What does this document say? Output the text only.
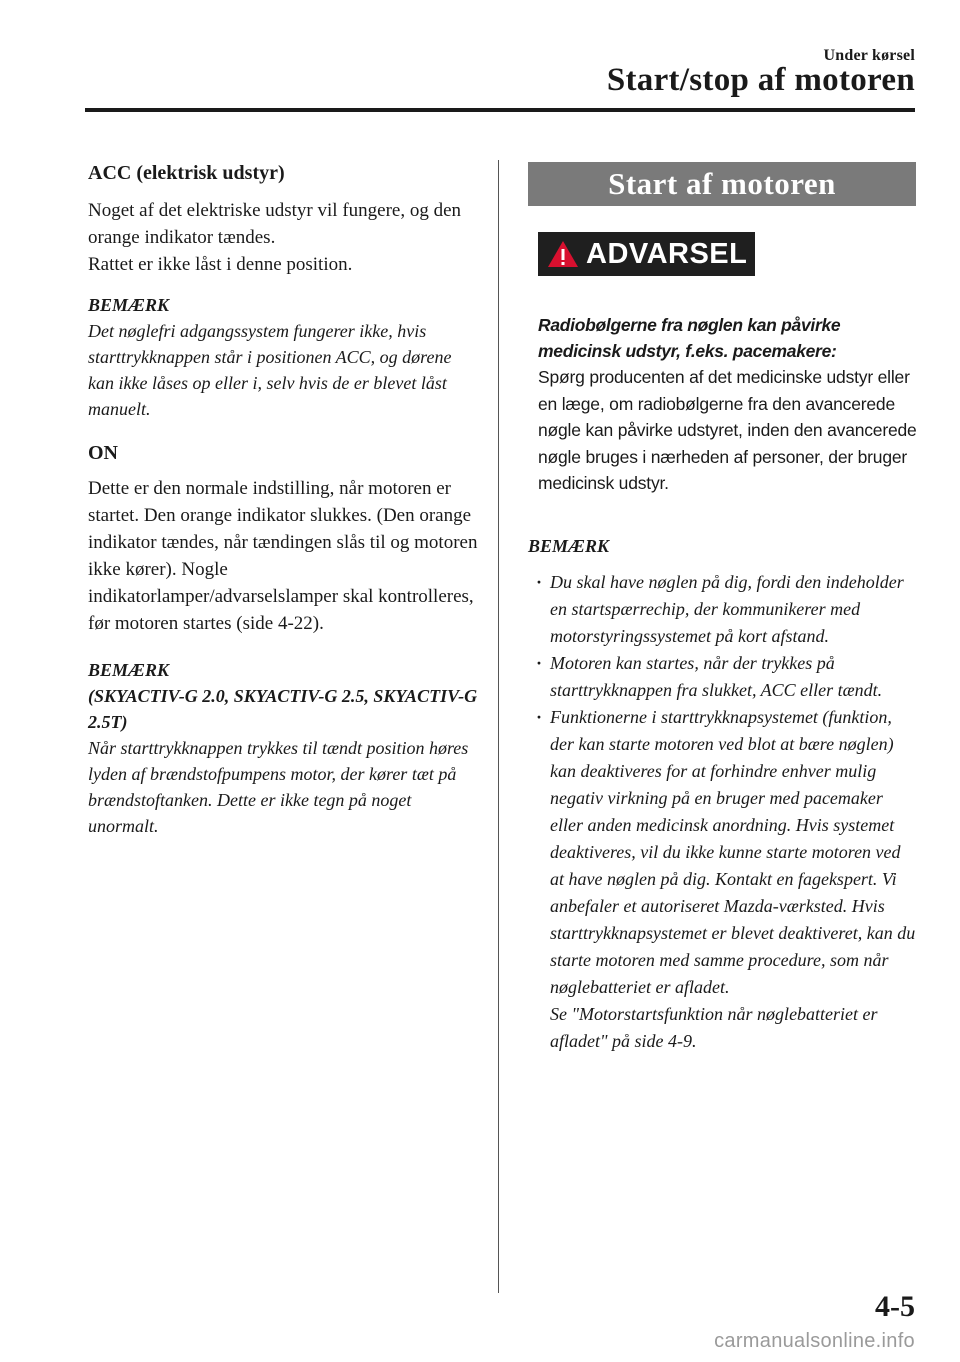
Under kørsel
Start/stop af motoren
ACC (elektrisk udstyr)

Noget af det elektriske udstyr vil fungere, og den orange indikator tændes.

Rattet er ikke låst i denne position.

BEMÆRK

Det nøglefri adgangssystem fungerer ikke, hvis starttrykknappen står i positionen ACC, og dørene kan ikke låses op eller i, selv hvis de er blevet låst manuelt.

ON

Dette er den normale indstilling, når motoren er startet. Den orange indikator slukkes. (Den orange indikator tændes, når tændingen slås til og motoren ikke kører). Nogle indikatorlamper/advarselslamper skal kontrolleres, før motoren startes (side 4-22).

BEMÆRK
(SKYACTIV-G 2.0, SKYACTIV-G 2.5, SKYACTIV-G 2.5T)

Når starttrykknappen trykkes til tændt position høres lyden af brændstofpumpens motor, der kører tæt på brændstoftanken. Dette er ikke tegn på noget unormalt.

Start af motoren
ADVARSEL
Radiobølgerne fra nøglen kan påvirke medicinsk udstyr, f.eks. pacemakere:

Spørg producenten af det medicinske udstyr eller en læge, om radiobølgerne fra den avancerede nøgle kan påvirke udstyret, inden den avancerede nøgle bruges i nærheden af personer, der bruger medicinsk udstyr.

BEMÆRK
· Du skal have nøglen på dig, fordi den indeholder en startspærrechip, der kommunikerer med motorstyringssystemet på kort afstand.
· Motoren kan startes, når der trykkes på starttrykknappen fra slukket, ACC eller tændt.
· Funktionerne i starttrykknapsystemet (funktion, der kan starte motoren ved blot at bære nøglen) kan deaktiveres for at forhindre enhver mulig negativ virkning på en bruger med pacemaker eller anden medicinsk anordning. Hvis systemet deaktiveres, vil du ikke kunne starte motoren ved at have nøglen på dig. Kontakt en fagekspert. Vi anbefaler et autoriseret Mazda-værksted. Hvis starttrykknapsystemet er blevet deaktiveret, kan du starte motoren med samme procedure, som når nøglebatteriet er afladet.
Se "Motorstartsfunktion når nøglebatteriet er afladet" på side 4-9.
4-5
carmanualsonline.info
